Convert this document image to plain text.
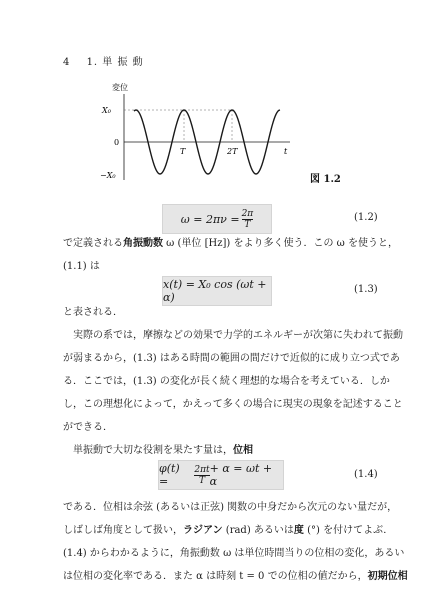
4 1. 単 振 動
変位
X₀
0
−X₀
T	2T	t
図 1.2
$\omega = 2\pi\nu = \frac{2\pi}{T}$	(1.2)
で定義される角振動数 ω (単位 [Hz]) をより多く使う．この ω を使うと，
(1.1) は
x(t) = X₀ cos (ωt + α)
(1.3)
と表される．
実際の系では，摩擦などの効果で力学的エネルギーが次第に失われて振動
が弱まるから，(1.3) はある時間の範囲の間だけで近似的に成り立つ式であ
る．ここでは，(1.3) の変化が長く続く理想的な場合を考えている．しか
し，この理想化によって，かえって多くの場合に現実の現象を記述すること
ができる．
単振動で大切な役割を果たす量は，位相
φ(t) =	$\frac{2\pi t}{T} + \alpha = \omega t + \alpha$
(1.4)
である．位相は余弦 (あるいは正弦) 関数の中身だから次元のない量だが，
しばしば角度として扱い，ラジアン (rad) あるいは度 (°) を付けてよぶ．
(1.4) からわかるように，角振動数 ω は単位時間当りの位相の変化，あるい
は位相の変化率である．また α は時刻 t = 0 での位相の値だから，初期位相
